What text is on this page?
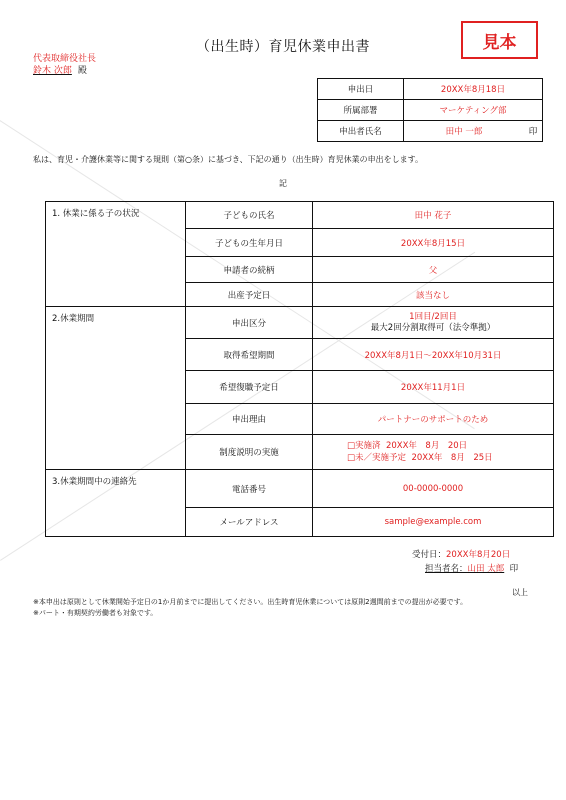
（出生時）育児休業申出書	見本
代表取締役社長
鈴木 次郎 殿
申出日	20XX年8月18日	
所属部署	マーケティング部	
申出者氏名	田中 一郎	印
私は、育児・介護休業等に関する規則（第○条）に基づき、下記の通り（出生時）育児休業の申出をします。
記
1. 休業に係る子の状況	子どもの氏名	田中 花子
	子どもの生年月日	20XX年8月15日
	申請者の続柄	父
	出産予定日	該当なし
2.休業期間	申出区分	1回目/2回目
最大2回分割取得可（法令準拠）

	取得希望期間	20XX年8月1日～20XX年10月31日
	希望復職予定日	20XX年11月1日
	申出理由	パートナーのサポートのため
	制度説明の実施	□実施済 20XX年　8月　20日
□未／実施予定 20XX年　8月　25日

3.休業期間中の連絡先	電話番号	00-0000-0000
	メールアドレス	sample@example.com
受付日：20XX年8月20日
担当者名：山田 太郎 印
以上
※本申出は原則として休業開始予定日の1か月前までに提出してください。出生時育児休業については原則2週間前までの提出が必要です。
※パート・有期契約労働者も対象です。
